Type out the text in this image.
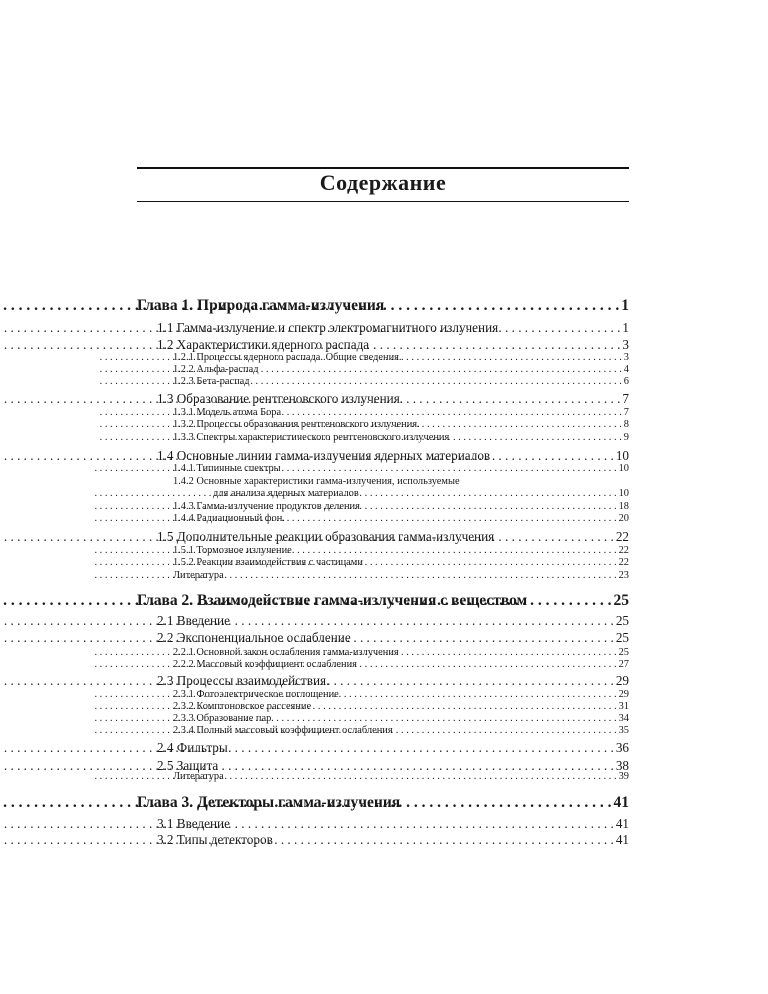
Содержание
Глава 1. Природа гамма-излучения . . .	1
1.1 Гамма-излучение и спектр электромагнитного излучения . . .	1
1.2 Характеристики ядерного распада . . .	3
1.2.1 Процессы ядерного распада. Общие сведения. . . .	3
1.2.2 Альфа-распад . . .	4
1.2.3 Бета-распад . . .	6
1.3 Образование рентгеновского излучения. . . .	7
1.3.1 Модель атома Бора . . .	7
1.3.2 Процессы образования рентгеновского излучения. . . .	8
1.3.3 Спектры характеристического рентгеновского излучения . . .	9
1.4 Основные линии гамма-излучения ядерных материалов . . .	10
1.4.1 Типичные спектры . . .	10
1.4.2 Основные характеристики гамма-излучения, используемые
для анализа ядерных материалов . . .	10
1.4.3 Гамма-излучение продуктов деления . . .	18
1.4.4 Радиационный фон. . . .	20
1.5 Дополнительные реакции образования гамма-излучения . . .	22
1.5.1 Тормозное излучение . . .	22
1.5.2 Реакции взаимодействия с частицами . . .	22
Литература . . .	23
Глава 2. Взаимодействие гамма-излучения с веществом . . .	25
2.1 Введение . . .	25
2.2 Экспоненциальное ослабление . . .	25
2.2.1 Основной закон ослабления гамма-излучения . . .	25
2.2.2 Массовый коэффициент ослабления . . .	27
2.3 Процессы взаимодействия. . . .	29
2.3.1 Фотоэлектрическое поглощение . . .	29
2.3.2 Комптоновское рассеяние . . .	31
2.3.3 Образование пар . . .	34
2.3.4 Полный массовый коэффициент ослабления . . .	35
2.4 Фильтры . . .	36
2.5 Защита . . .	38
Литература . . .	39
Глава 3. Детекторы гамма-излучения . . .	41
3.1 Введение . . .	41
3.2 Типы детекторов . . .	41
